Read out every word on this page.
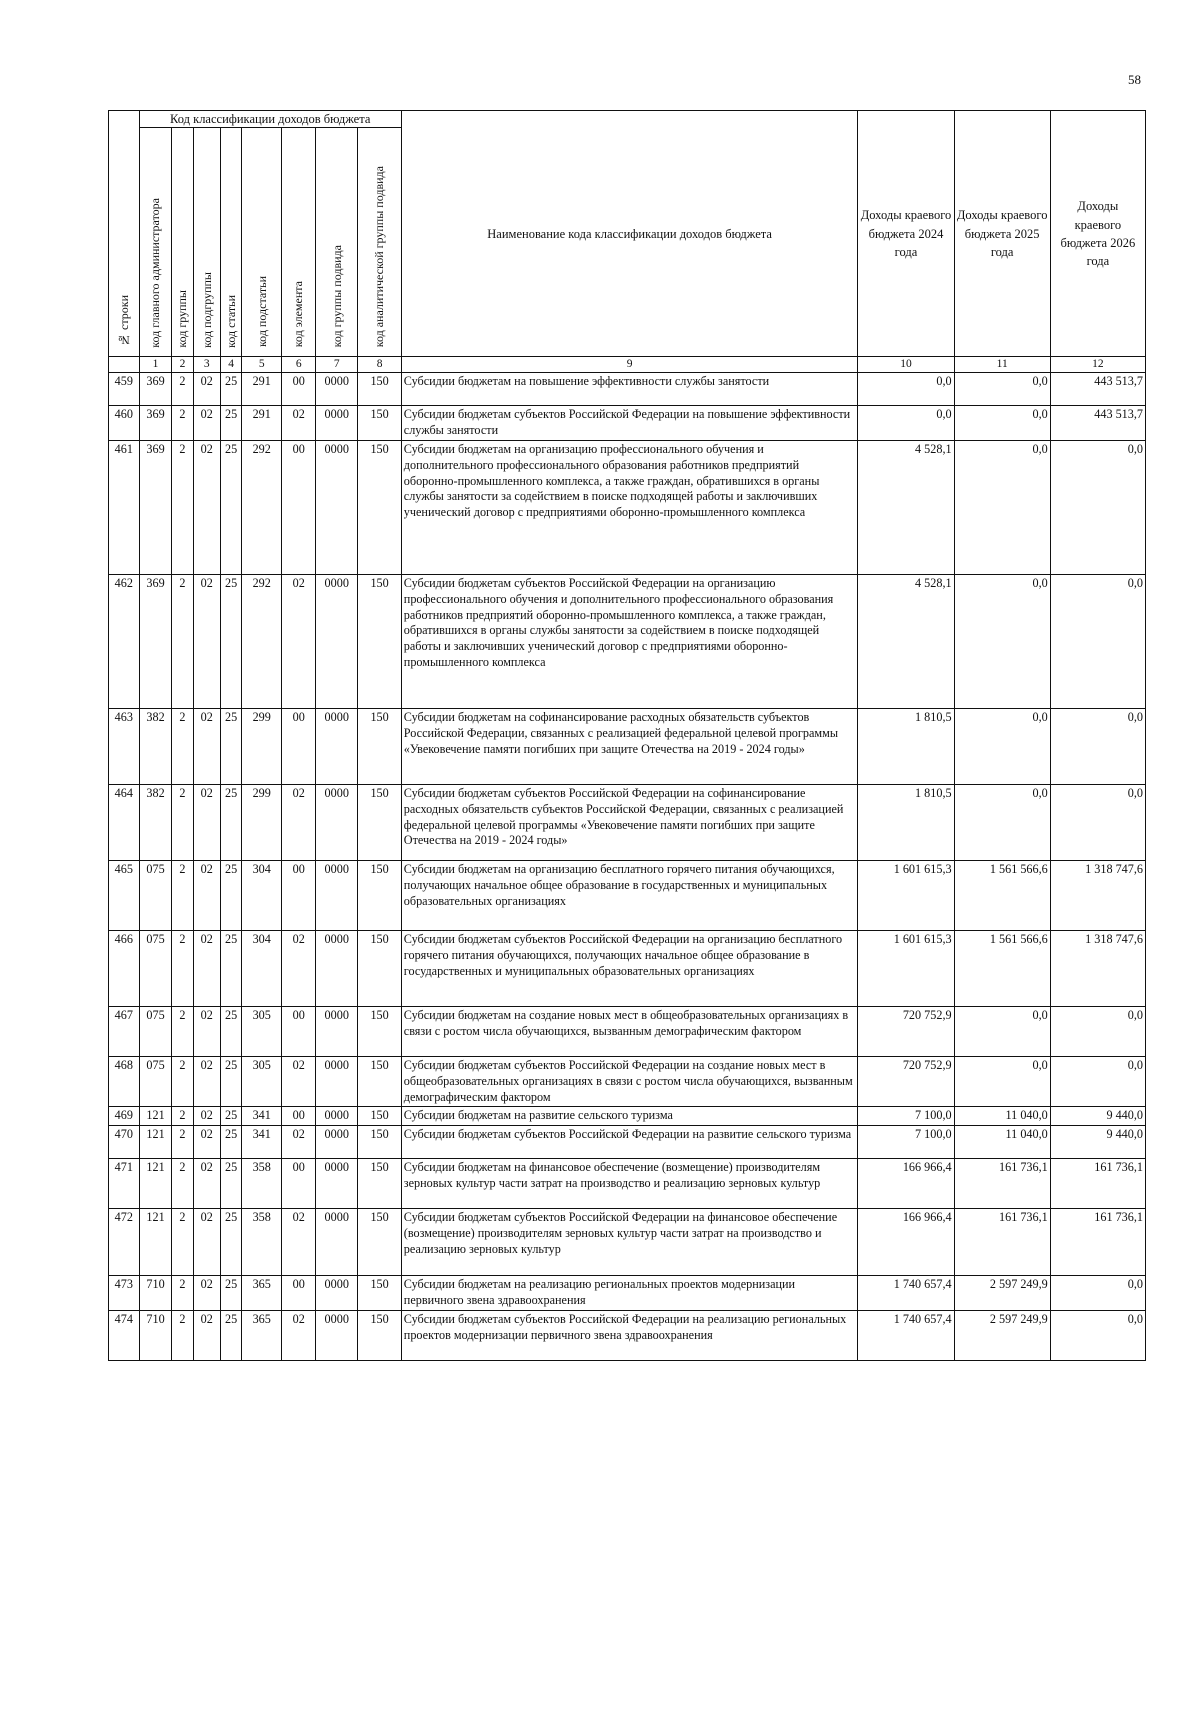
58
№ строки	Код классификации доходов бюджета								Наименование кода классификации доходов бюджета	Доходы краевого бюджета 2024 года	Доходы краевого бюджета 2025 года	Доходы краевого бюджета 2026 года
	код главного администратора	код группы	код подгруппы	код статьи	код подстатьи	код элемента	код группы подвида	код аналитической группы подвида				
	1	2	3	4	5	6	7	8	9	10	11	12
459	369	2	02	25	291	00	0000	150	Субсидии бюджетам на повышение эффективности службы занятости	0,0	0,0	443 513,7
460	369	2	02	25	291	02	0000	150	Субсидии бюджетам субъектов Российской Федерации на повышение эффективности службы занятости	0,0	0,0	443 513,7
461	369	2	02	25	292	00	0000	150	Субсидии бюджетам на организацию профессионального обучения и дополнительного профессионального образования работников предприятий оборонно-промышленного комплекса, а также граждан, обратившихся в органы службы занятости за содействием в поиске подходящей работы и заключивших ученический договор с предприятиями оборонно-промышленного комплекса	4 528,1	0,0	0,0
462	369	2	02	25	292	02	0000	150	Субсидии бюджетам субъектов Российской Федерации на организацию профессионального обучения и дополнительного профессионального образования работников предприятий оборонно-промышленного комплекса, а также граждан, обратившихся в органы службы занятости за содействием в поиске подходящей работы и заключивших ученический договор с предприятиями оборонно-промышленного комплекса	4 528,1	0,0	0,0
463	382	2	02	25	299	00	0000	150	Субсидии бюджетам на софинансирование расходных обязательств субъектов Российской Федерации, связанных с реализацией федеральной целевой программы «Увековечение памяти погибших при защите Отечества на 2019 - 2024 годы»	1 810,5	0,0	0,0
464	382	2	02	25	299	02	0000	150	Субсидии бюджетам субъектов Российской Федерации на софинансирование расходных обязательств субъектов Российской Федерации, связанных с реализацией федеральной целевой программы «Увековечение памяти погибших при защите Отечества на 2019 - 2024 годы»	1 810,5	0,0	0,0
465	075	2	02	25	304	00	0000	150	Субсидии бюджетам на организацию бесплатного горячего питания обучающихся, получающих начальное общее образование в государственных и муниципальных образовательных организациях	1 601 615,3	1 561 566,6	1 318 747,6
466	075	2	02	25	304	02	0000	150	Субсидии бюджетам субъектов Российской Федерации на организацию бесплатного горячего питания обучающихся, получающих начальное общее образование в государственных и муниципальных образовательных организациях	1 601 615,3	1 561 566,6	1 318 747,6
467	075	2	02	25	305	00	0000	150	Субсидии бюджетам на создание новых мест в общеобразовательных организациях в связи с ростом числа обучающихся, вызванным демографическим фактором	720 752,9	0,0	0,0
468	075	2	02	25	305	02	0000	150	Субсидии бюджетам субъектов Российской Федерации на создание новых мест в общеобразовательных организациях в связи с ростом числа обучающихся, вызванным демографическим фактором	720 752,9	0,0	0,0
469	121	2	02	25	341	00	0000	150	Субсидии бюджетам на развитие сельского туризма	7 100,0	11 040,0	9 440,0
470	121	2	02	25	341	02	0000	150	Субсидии бюджетам субъектов Российской Федерации на развитие сельского туризма	7 100,0	11 040,0	9 440,0
471	121	2	02	25	358	00	0000	150	Субсидии бюджетам на финансовое обеспечение (возмещение) производителям зерновых культур части затрат на производство и реализацию зерновых культур	166 966,4	161 736,1	161 736,1
472	121	2	02	25	358	02	0000	150	Субсидии бюджетам субъектов Российской Федерации на финансовое обеспечение (возмещение) производителям зерновых культур части затрат на производство и реализацию зерновых культур	166 966,4	161 736,1	161 736,1
473	710	2	02	25	365	00	0000	150	Субсидии бюджетам на реализацию региональных проектов модернизации первичного звена здравоохранения	1 740 657,4	2 597 249,9	0,0
474	710	2	02	25	365	02	0000	150	Субсидии бюджетам субъектов Российской Федерации на реализацию региональных проектов модернизации первичного звена здравоохранения	1 740 657,4	2 597 249,9	0,0
